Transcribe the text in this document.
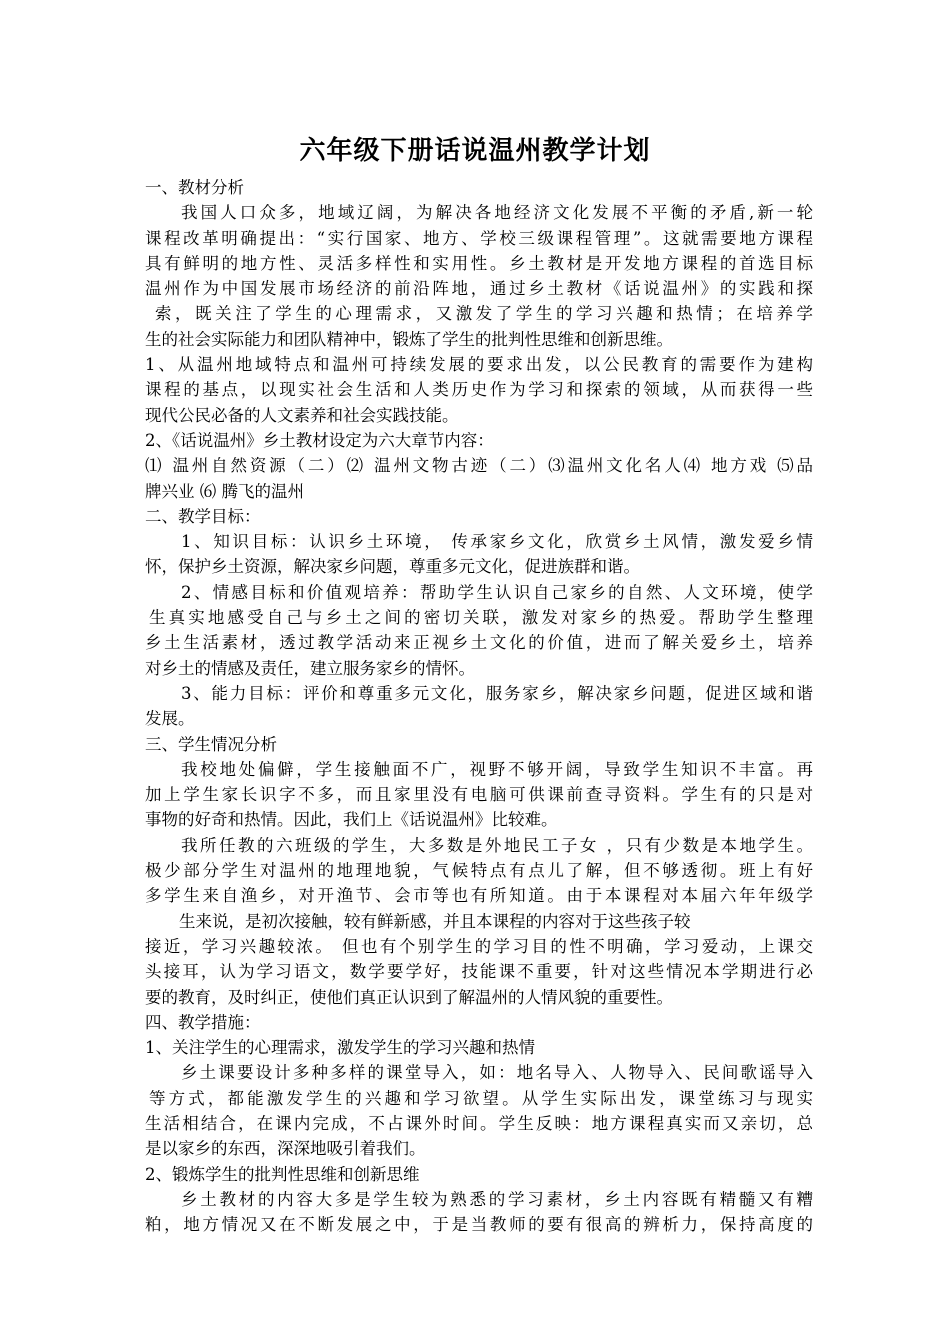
六年级下册话说温州教学计划
一、教材分析
我国人口众多，地域辽阔，为解决各地经济文化发展不平衡的矛盾,新一轮
课程改革明确提出：“实行国家、地方、学校三级课程管理”。这就需要地方课程
具有鲜明的地方性、灵活多样性和实用性。乡土教材是开发地方课程的首选目标
温州作为中国发展市场经济的前沿阵地，通过乡土教材《话说温州》的实践和探
索，既关注了学生的心理需求，又激发了学生的学习兴趣和热情；在培养学
生的社会实际能力和团队精神中，锻炼了学生的批判性思维和创新思维。
1、从温州地域特点和温州可持续发展的要求出发，以公民教育的需要作为建构
课程的基点，以现实社会生活和人类历史作为学习和探索的领域，从而获得一些
现代公民必备的人文素养和社会实践技能。
2、《话说温州》乡土教材设定为六大章节内容：
⑴ 温州自然资源（二）⑵ 温州文物古迹（二）⑶温州文化名人⑷ 地方戏 ⑸品
牌兴业 ⑹ 腾飞的温州
二、教学目标：
1、知识目标：认识乡土环境， 传承家乡文化，欣赏乡土风情，激发爱乡情
怀，保护乡土资源，解决家乡问题，尊重多元文化，促进族群和谐。
2、情感目标和价值观培养：帮助学生认识自己家乡的自然、人文环境，使学
生真实地感受自己与乡土之间的密切关联，激发对家乡的热爱。帮助学生整理
乡土生活素材，透过教学活动来正视乡土文化的价值，进而了解关爱乡土，培养
对乡土的情感及责任，建立服务家乡的情怀。
3、能力目标：评价和尊重多元文化，服务家乡，解决家乡问题，促进区域和谐
发展。
三、学生情况分析
我校地处偏僻，学生接触面不广，视野不够开阔，导致学生知识不丰富。再
加上学生家长识字不多，而且家里没有电脑可供课前查寻资料。学生有的只是对
事物的好奇和热情。因此，我们上《话说温州》比较难。
我所任教的六班级的学生，大多数是外地民工子女 ，只有少数是本地学生。
极少部分学生对温州的地理地貌，气候特点有点儿了解，但不够透彻。班上有好
多学生来自渔乡，对开渔节、会市等也有所知道。由于本课程对本届六年年级学
生来说，是初次接触，较有鲜新感，并且本课程的内容对于这些孩子较
接近，学习兴趣较浓。 但也有个别学生的学习目的性不明确，学习爱动，上课交
头接耳，认为学习语文，数学要学好，技能课不重要，针对这些情况本学期进行必
要的教育，及时纠正，使他们真正认识到了解温州的人情风貌的重要性。
四、教学措施：
1、关注学生的心理需求，激发学生的学习兴趣和热情
乡土课要设计多种多样的课堂导入，如：地名导入、人物导入、民间歌谣导入
等方式，都能激发学生的兴趣和学习欲望。从学生实际出发，课堂练习与现实
生活相结合，在课内完成，不占课外时间。学生反映：地方课程真实而又亲切，总
是以家乡的东西，深深地吸引着我们。
2、锻炼学生的批判性思维和创新思维
乡土教材的内容大多是学生较为熟悉的学习素材，乡土内容既有精髓又有糟
粕，地方情况又在不断发展之中，于是当教师的要有很高的辨析力，保持高度的
